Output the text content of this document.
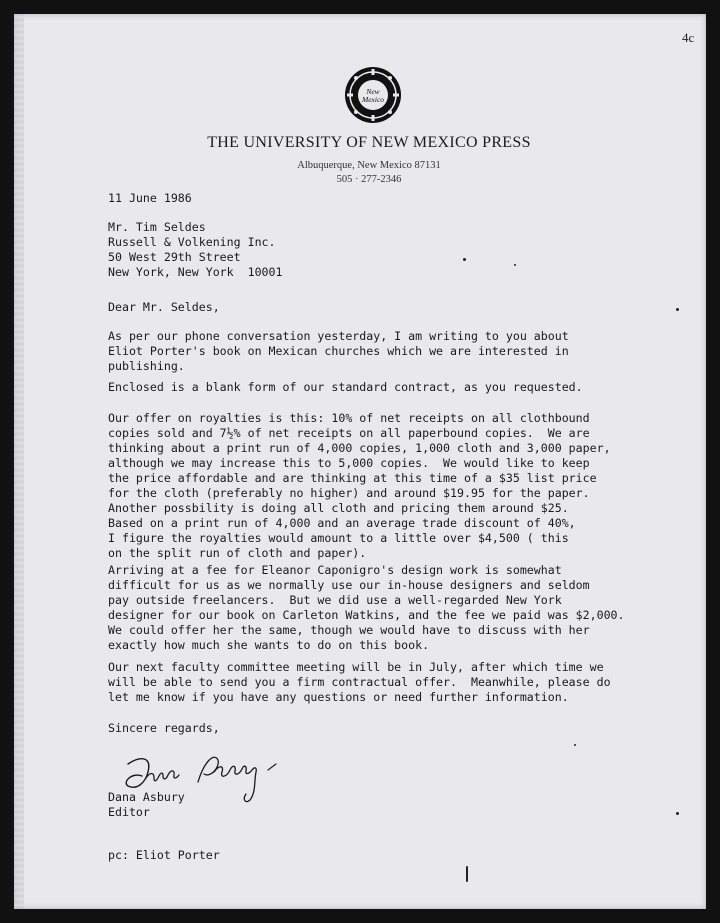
4c
New
Mexico
THE UNIVERSITY OF NEW MEXICO PRESS
Albuquerque, New Mexico 87131
505 · 277-2346
11 June 1986
Mr. Tim Seldes
Russell & Volkening Inc.
50 West 29th Street
New York, New York  10001
Dear Mr. Seldes,
As per our phone conversation yesterday, I am writing to you about
Eliot Porter's book on Mexican churches which we are interested in
publishing.
Enclosed is a blank form of our standard contract, as you requested.
Our offer on royalties is this: 10% of net receipts on all clothbound
copies sold and 7½% of net receipts on all paperbound copies.  We are
thinking about a print run of 4,000 copies, 1,000 cloth and 3,000 paper,
although we may increase this to 5,000 copies.  We would like to keep
the price affordable and are thinking at this time of a $35 list price
for the cloth (preferably no higher) and around $19.95 for the paper.
Another possbility is doing all cloth and pricing them around $25.
Based on a print run of 4,000 and an average trade discount of 40%,
I figure the royalties would amount to a little over $4,500 ( this
on the split run of cloth and paper).
Arriving at a fee for Eleanor Caponigro's design work is somewhat
difficult for us as we normally use our in-house designers and seldom
pay outside freelancers.  But we did use a well-regarded New York
designer for our book on Carleton Watkins, and the fee we paid was $2,000.
We could offer her the same, though we would have to discuss with her
exactly how much she wants to do on this book.
Our next faculty committee meeting will be in July, after which time we
will be able to send you a firm contractual offer.  Meanwhile, please do
let me know if you have any questions or need further information.
Sincere regards,
Dana Asbury
Editor
pc: Eliot Porter
